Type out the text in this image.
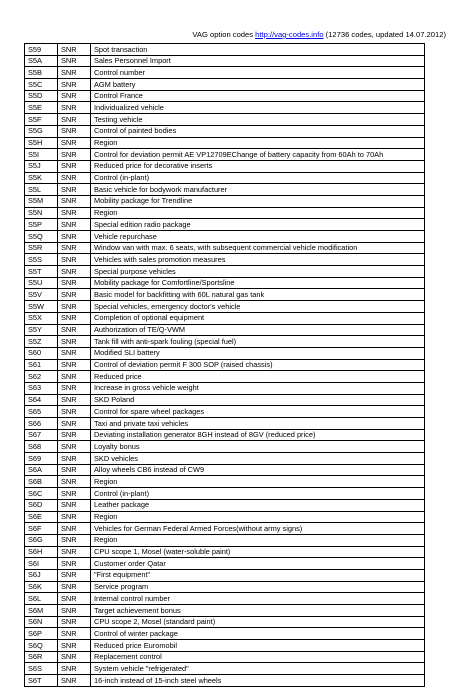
VAG option codes http://vag-codes.info (12736 codes, updated 14.07.2012)
S59	SNR	Spot transaction
S5A	SNR	Sales Personnel Import
S5B	SNR	Control number
S5C	SNR	AGM battery
S5D	SNR	Control France
S5E	SNR	Individualized vehicle
S5F	SNR	Testing vehicle
S5G	SNR	Control of painted bodies
S5H	SNR	Region
S5I	SNR	Control for deviation permit AE VP12709EChange of battery capacity from 60Ah to 70Ah
S5J	SNR	Reduced price for decorative inserts
S5K	SNR	Control (in-plant)
S5L	SNR	Basic vehicle for bodywork manufacturer
S5M	SNR	Mobility package for Trendline
S5N	SNR	Region
S5P	SNR	Special edition radio package
S5Q	SNR	Vehicle repurchase
S5R	SNR	Window van with max. 6 seats, with subsequent commercial vehicle modification
S5S	SNR	Vehicles with sales promotion measures
S5T	SNR	Special purpose vehicles
S5U	SNR	Mobility package for Comfortline/Sportsline
S5V	SNR	Basic model for backfitting with 60L natural gas tank
S5W	SNR	Special vehicles, emergency doctor's vehicle
S5X	SNR	Completion of optional equipment
S5Y	SNR	Authorization of TE/Q-VWM
S5Z	SNR	Tank fill with anti-spark fouling (special fuel)
S60	SNR	Modified SLI battery
S61	SNR	Control of deviation permit F 300 SOP (raised chassis)
S62	SNR	Reduced price
S63	SNR	Increase in gross vehicle weight
S64	SNR	SKD Poland
S65	SNR	Control for spare wheel packages
S66	SNR	Taxi and private taxi vehicles
S67	SNR	Deviating installation generator 8GH instead of 8GV (reduced price)
S68	SNR	Loyalty bonus
S69	SNR	SKD vehicles
S6A	SNR	Alloy wheels CB6 instead of CW9
S6B	SNR	Region
S6C	SNR	Control (in-plant)
S6D	SNR	Leather package
S6E	SNR	Region
S6F	SNR	Vehicles for German Federal Armed Forces(without army signs)
S6G	SNR	Region
S6H	SNR	CPU scope 1, Mosel (water-soluble paint)
S6I	SNR	Customer order Qatar
S6J	SNR	"First equipment"
S6K	SNR	Service program
S6L	SNR	Internal control number
S6M	SNR	Target achievement bonus
S6N	SNR	CPU scope 2, Mosel (standard paint)
S6P	SNR	Control of winter package
S6Q	SNR	Reduced price Euromobil
S6R	SNR	Replacement control
S6S	SNR	System vehicle "refrigerated"
S6T	SNR	16-inch instead of 15-inch steel wheels
